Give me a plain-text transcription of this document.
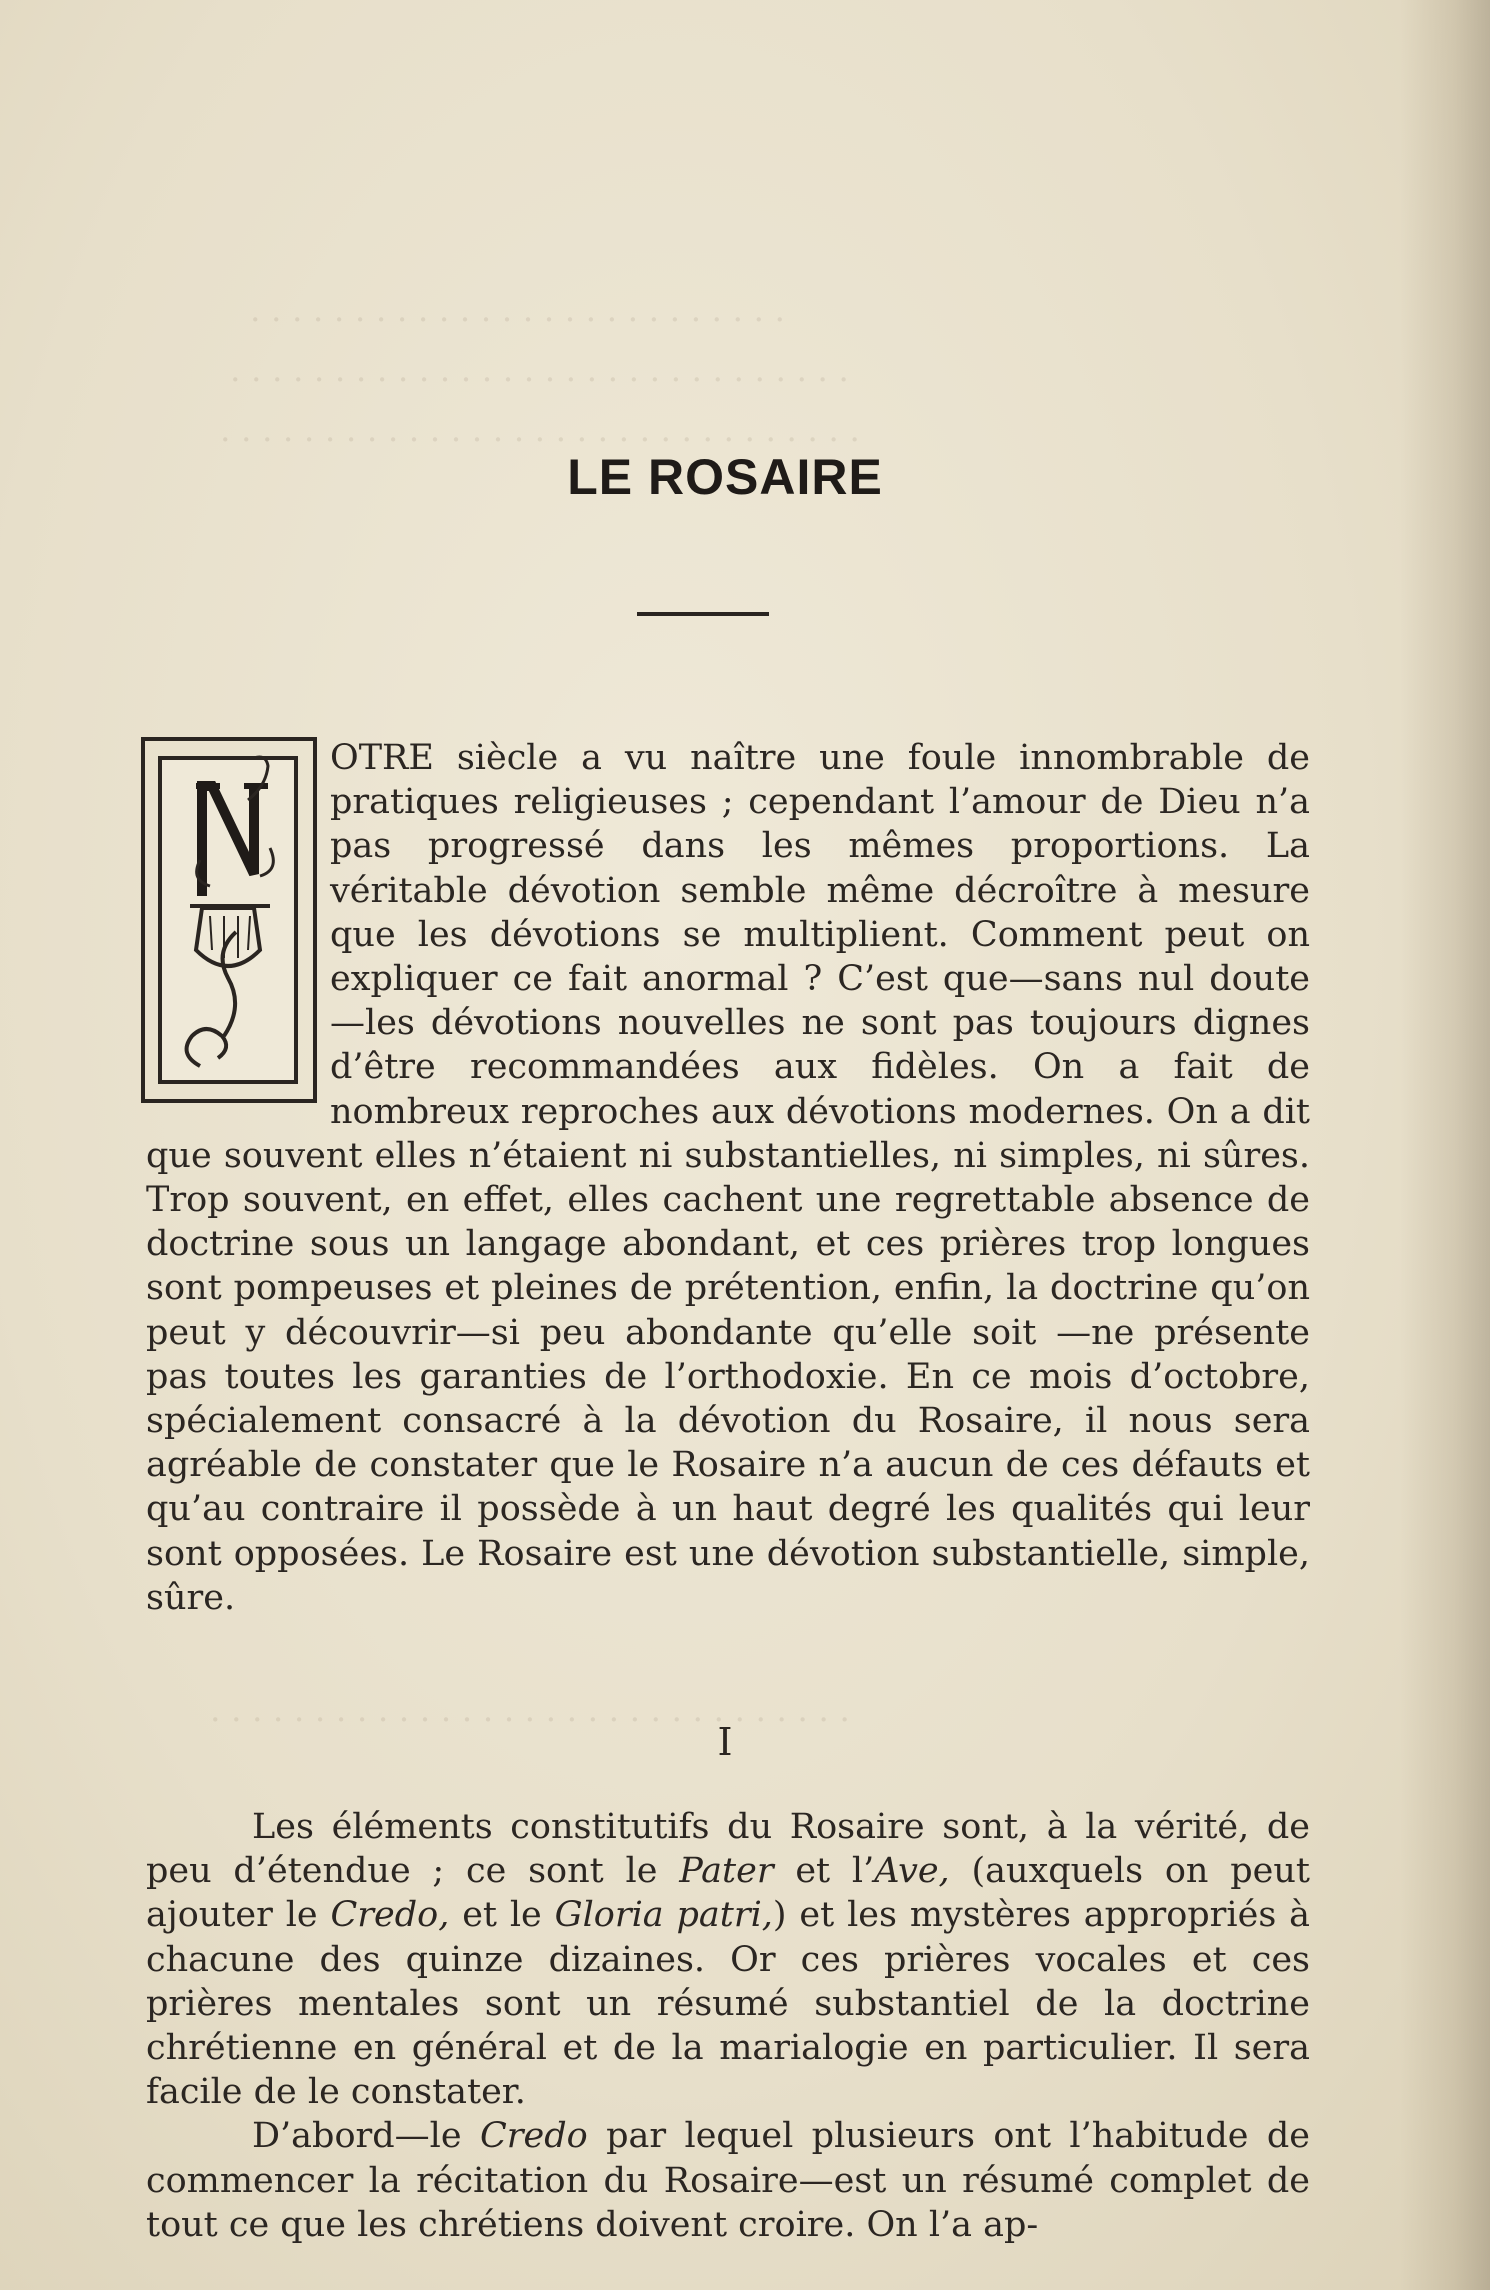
. . . . . . . . . . . . . . . . . . . . . . . . . .
. . . . . . . . . . . . . . . . . . . . . . . . . . . . . .
. . . . . . . . . . . . . . . . . . . . . . . . . . . . . . .
. . . . . . . . . . . . . . . . . . . . . . . . . . . . . . .
LE ROSAIRE

OTRE siècle a vu naître une foule innombrable de pratiques religieuses ; cependant l’amour de Dieu n’a pas progressé dans les mêmes proportions. La véritable dévotion semble même décroître à mesure que les dévotions se multiplient. Comment peut on expliquer ce fait anormal ? C’est que—sans nul doute—les dévotions nouvelles ne sont pas toujours dignes d’être recommandées aux fidèles. On a fait de nombreux reproches aux dévotions modernes. On a dit que souvent elles n’étaient ni substantielles, ni simples, ni sûres. Trop souvent, en effet, elles cachent une regrettable absence de doctrine sous un langage abondant, et ces prières trop longues sont pompeuses et pleines de prétention, enfin, la doctrine qu’on peut y découvrir—si peu abondante qu’elle soit —ne présente pas toutes les garanties de l’orthodoxie. En ce mois d’octobre, spécialement consacré à la dévotion du Rosaire, il nous sera agréable de constater que le Rosaire n’a aucun de ces défauts et qu’au contraire il possède à un haut degré les qualités qui leur sont opposées. Le Rosaire est une dévotion substantielle, simple, sûre.

I

Les éléments constitutifs du Rosaire sont, à la vérité, de peu d’étendue ; ce sont le Pater et l’Ave, (auxquels on peut ajouter le Credo, et le Gloria patri,) et les mystères appropriés à chacune des quinze dizaines. Or ces prières vocales et ces prières mentales sont un résumé substantiel de la doctrine chrétienne en général et de la marialogie en particulier. Il sera facile de le constater.

D’abord—le Credo par lequel plusieurs ont l’habitude de commencer la récitation du Rosaire—est un résumé complet de tout ce que les chrétiens doivent croire. On l’a ap-
